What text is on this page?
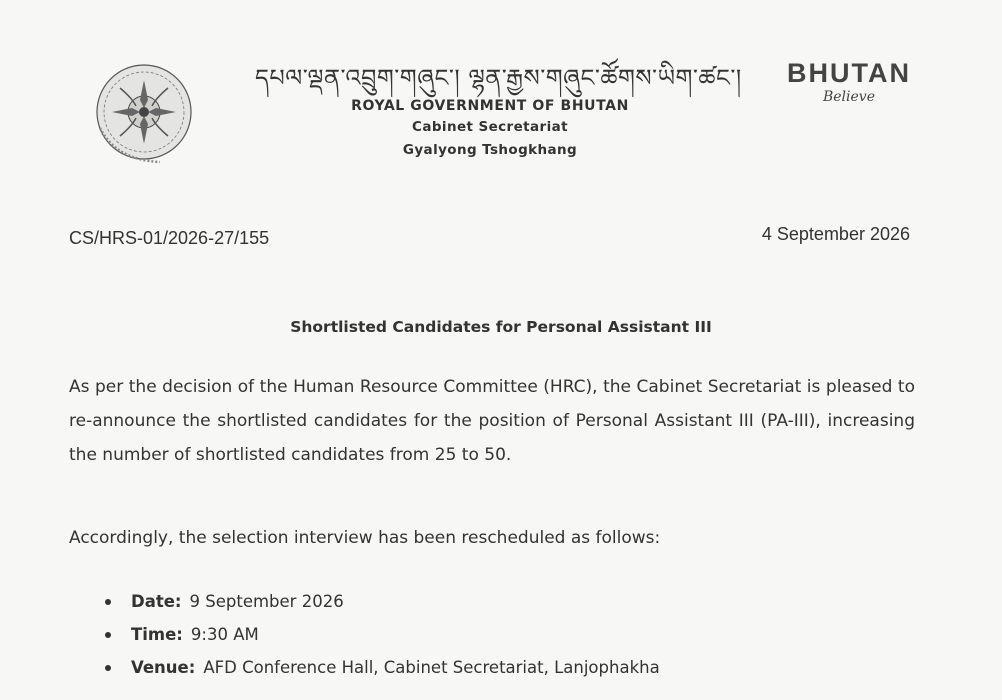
དཔལ་ལྡན་འབྲུག་གཞུང་། ལྷན་རྒྱས་གཞུང་ཚོགས་ཡིག་ཚང་།
ROYAL GOVERNMENT OF BHUTAN
Cabinet Secretariat
Gyalyong Tshogkhang
BHUTAN
Believe
CS/HRS-01/2026-27/155	4 September 2026
Shortlisted Candidates for Personal Assistant III
As per the decision of the Human Resource Committee (HRC), the Cabinet Secretariat is pleased to re-announce the shortlisted candidates for the position of Personal Assistant III (PA-III), increasing the number of shortlisted candidates from 25 to 50.
Accordingly, the selection interview has been rescheduled as follows:
Date: 9 September 2026
Time: 9:30 AM
Venue: AFD Conference Hall, Cabinet Secretariat, Lanjophakha
